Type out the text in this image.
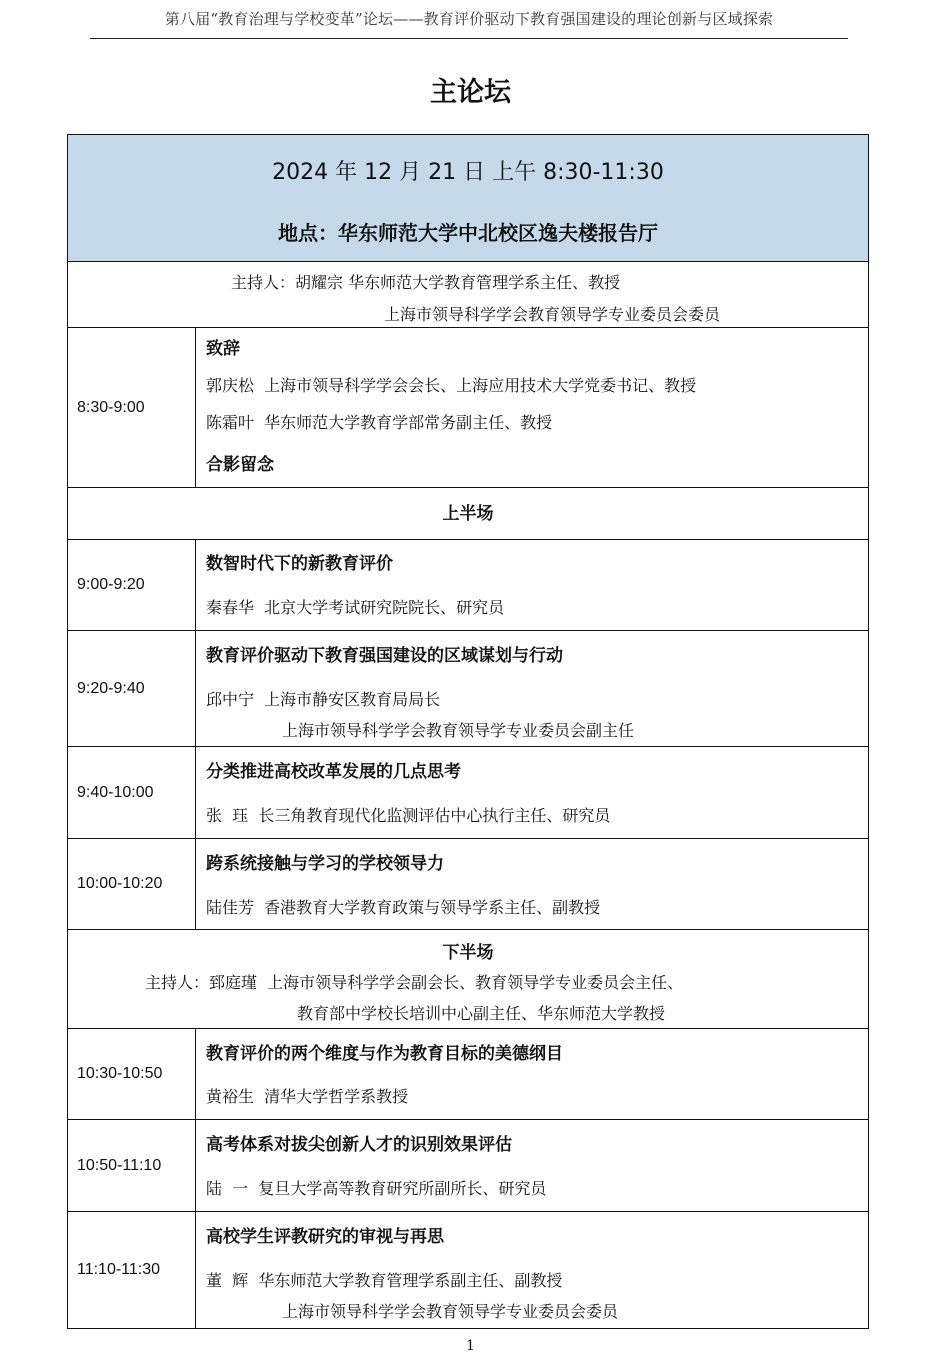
第八届“教育治理与学校变革”论坛——教育评价驱动下教育强国建设的理论创新与区域探索
主论坛
2024 年 12 月 21 日 上午 8:30-11:30
地点：华东师范大学中北校区逸夫楼报告厅
主持人：胡耀宗 华东师范大学教育管理学系主任、教授
上海市领导科学学会教育领导学专业委员会委员
8:30-9:00
致辞
郭庆松  上海市领导科学学会会长、上海应用技术大学党委书记、教授
陈霜叶  华东师范大学教育学部常务副主任、教授
合影留念
上半场
9:00-9:20
数智时代下的新教育评价
秦春华  北京大学考试研究院院长、研究员
9:20-9:40
教育评价驱动下教育强国建设的区域谋划与行动
邱中宁  上海市静安区教育局局长
上海市领导科学学会教育领导学专业委员会副主任
9:40-10:00
分类推进高校改革发展的几点思考
张  珏  长三角教育现代化监测评估中心执行主任、研究员
10:00-10:20
跨系统接触与学习的学校领导力
陆佳芳  香港教育大学教育政策与领导学系主任、副教授
下半场
主持人：郅庭瑾  上海市领导科学学会副会长、教育领导学专业委员会主任、
教育部中学校长培训中心副主任、华东师范大学教授
10:30-10:50
教育评价的两个维度与作为教育目标的美德纲目
黄裕生  清华大学哲学系教授
10:50-11:10
高考体系对拔尖创新人才的识别效果评估
陆  一  复旦大学高等教育研究所副所长、研究员
11:10-11:30
高校学生评教研究的审视与再思
董  辉  华东师范大学教育管理学系副主任、副教授
上海市领导科学学会教育领导学专业委员会委员
1
